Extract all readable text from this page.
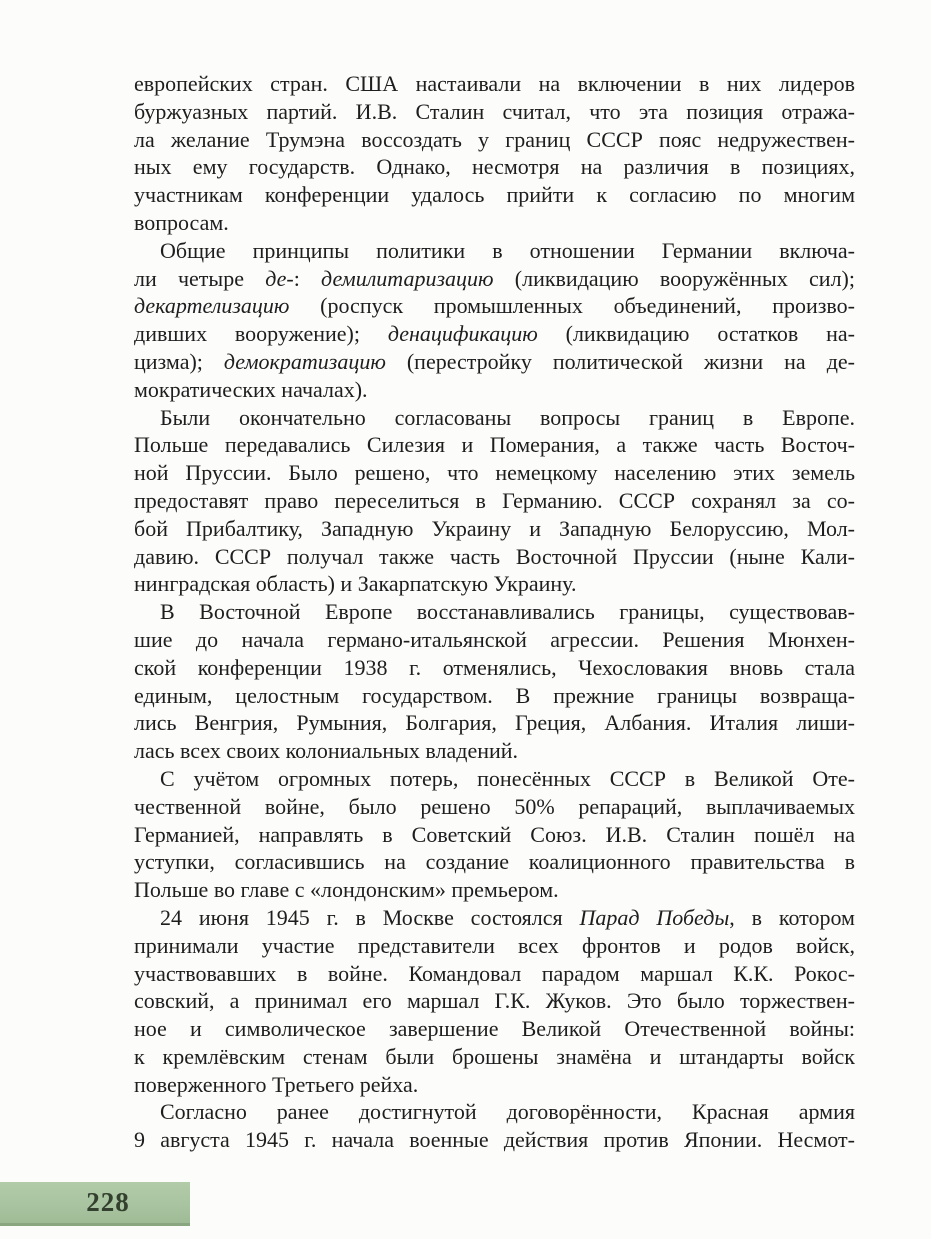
европейских стран. США настаивали на включении в них лидеров
буржуазных партий. И.В. Сталин считал, что эта позиция отража-
ла желание Трумэна воссоздать у границ СССР пояс недружествен-
ных ему государств. Однако, несмотря на различия в позициях,
участникам конференции удалось прийти к согласию по многим
вопросам.
Общие принципы политики в отношении Германии включа-
ли четыре де-: демилитаризацию (ликвидацию вооружённых сил);
декартелизацию (роспуск промышленных объединений, произво-
дивших вооружение); денацификацию (ликвидацию остатков на-
цизма); демократизацию (перестройку политической жизни на де-
мократических началах).
Были окончательно согласованы вопросы границ в Европе.
Польше передавались Силезия и Померания, а также часть Восточ-
ной Пруссии. Было решено, что немецкому населению этих земель
предоставят право переселиться в Германию. СССР сохранял за со-
бой Прибалтику, Западную Украину и Западную Белоруссию, Мол-
давию. СССР получал также часть Восточной Пруссии (ныне Кали-
нинградская область) и Закарпатскую Украину.
В Восточной Европе восстанавливались границы, существовав-
шие до начала германо-итальянской агрессии. Решения Мюнхен-
ской конференции 1938 г. отменялись, Чехословакия вновь стала
единым, целостным государством. В прежние границы возвраща-
лись Венгрия, Румыния, Болгария, Греция, Албания. Италия лиши-
лась всех своих колониальных владений.
С учётом огромных потерь, понесённых СССР в Великой Оте-
чественной войне, было решено 50% репараций, выплачиваемых
Германией, направлять в Советский Союз. И.В. Сталин пошёл на
уступки, согласившись на создание коалиционного правительства в
Польше во главе с «лондонским» премьером.
24 июня 1945 г. в Москве состоялся Парад Победы, в котором
принимали участие представители всех фронтов и родов войск,
участвовавших в войне. Командовал парадом маршал К.К. Рокос-
совский, а принимал его маршал Г.К. Жуков. Это было торжествен-
ное и символическое завершение Великой Отечественной войны:
к кремлёвским стенам были брошены знамёна и штандарты войск
поверженного Третьего рейха.
Согласно ранее достигнутой договорённости, Красная армия
9 августа 1945 г. начала военные действия против Японии. Несмот-
228
